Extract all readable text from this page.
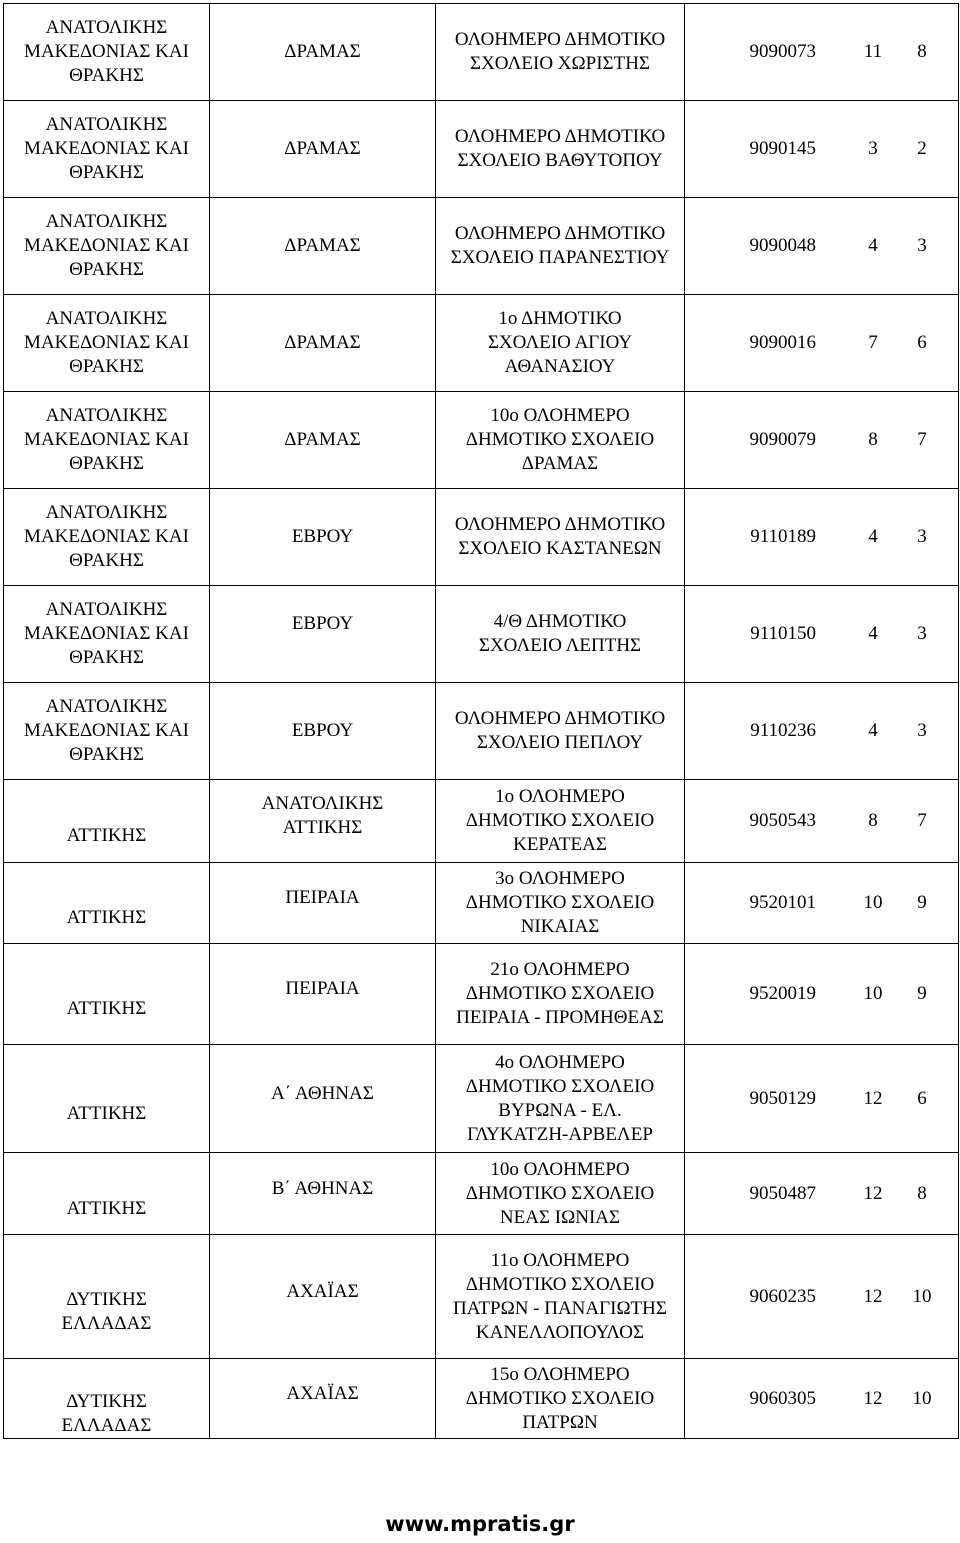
ΑΝΑΤΟΛΙΚΗΣ ΜΑΚΕΔΟΝΙΑΣ ΚΑΙ ΘΡΑΚΗΣ	ΔΡΑΜΑΣ	ΟΛΟΗΜΕΡΟ ΔΗΜΟΤΙΚΟ ΣΧΟΛΕΙΟ ΧΩΡΙΣΤΗΣ	9090073 11 8

ΑΝΑΤΟΛΙΚΗΣ ΜΑΚΕΔΟΝΙΑΣ ΚΑΙ ΘΡΑΚΗΣ	ΔΡΑΜΑΣ	ΟΛΟΗΜΕΡΟ ΔΗΜΟΤΙΚΟ ΣΧΟΛΕΙΟ ΒΑΘΥΤΟΠΟΥ	9090145 3 2

ΑΝΑΤΟΛΙΚΗΣ ΜΑΚΕΔΟΝΙΑΣ ΚΑΙ ΘΡΑΚΗΣ	ΔΡΑΜΑΣ	ΟΛΟΗΜΕΡΟ ΔΗΜΟΤΙΚΟ ΣΧΟΛΕΙΟ ΠΑΡΑΝΕΣΤΙΟΥ	9090048 4 3

ΑΝΑΤΟΛΙΚΗΣ ΜΑΚΕΔΟΝΙΑΣ ΚΑΙ ΘΡΑΚΗΣ	ΔΡΑΜΑΣ	1ο ΔΗΜΟΤΙΚΟ ΣΧΟΛΕΙΟ ΑΓΙΟΥ ΑΘΑΝΑΣΙΟΥ	9090016 7 6

ΑΝΑΤΟΛΙΚΗΣ ΜΑΚΕΔΟΝΙΑΣ ΚΑΙ ΘΡΑΚΗΣ	ΔΡΑΜΑΣ	10ο ΟΛΟΗΜΕΡΟ ΔΗΜΟΤΙΚΟ ΣΧΟΛΕΙΟ ΔΡΑΜΑΣ	9090079 8 7

ΑΝΑΤΟΛΙΚΗΣ ΜΑΚΕΔΟΝΙΑΣ ΚΑΙ ΘΡΑΚΗΣ	ΕΒΡΟΥ	ΟΛΟΗΜΕΡΟ ΔΗΜΟΤΙΚΟ ΣΧΟΛΕΙΟ ΚΑΣΤΑΝΕΩΝ	9110189 4 3

ΑΝΑΤΟΛΙΚΗΣ ΜΑΚΕΔΟΝΙΑΣ ΚΑΙ ΘΡΑΚΗΣ	ΕΒΡΟΥ	4/Θ ΔΗΜΟΤΙΚΟ ΣΧΟΛΕΙΟ ΛΕΠΤΗΣ	9110150 4 3

ΑΝΑΤΟΛΙΚΗΣ ΜΑΚΕΔΟΝΙΑΣ ΚΑΙ ΘΡΑΚΗΣ	ΕΒΡΟΥ	ΟΛΟΗΜΕΡΟ ΔΗΜΟΤΙΚΟ ΣΧΟΛΕΙΟ ΠΕΠΛΟΥ	9110236 4 3

ΑΤΤΙΚΗΣ	ΑΝΑΤΟΛΙΚΗΣ ΑΤΤΙΚΗΣ	1ο ΟΛΟΗΜΕΡΟ ΔΗΜΟΤΙΚΟ ΣΧΟΛΕΙΟ ΚΕΡΑΤΕΑΣ	9050543 8 7

ΑΤΤΙΚΗΣ	ΠΕΙΡΑΙΑ	3ο ΟΛΟΗΜΕΡΟ ΔΗΜΟΤΙΚΟ ΣΧΟΛΕΙΟ ΝΙΚΑΙΑΣ	9520101 10 9

ΑΤΤΙΚΗΣ	ΠΕΙΡΑΙΑ	21ο ΟΛΟΗΜΕΡΟ ΔΗΜΟΤΙΚΟ ΣΧΟΛΕΙΟ ΠΕΙΡΑΙΑ - ΠΡΟΜΗΘΕΑΣ	9520019 10 9

ΑΤΤΙΚΗΣ	Α΄ ΑΘΗΝΑΣ	4ο ΟΛΟΗΜΕΡΟ ΔΗΜΟΤΙΚΟ ΣΧΟΛΕΙΟ ΒΥΡΩΝΑ - ΕΛ. ΓΛΥΚΑΤΖΗ-ΑΡΒΕΛΕΡ	9050129 12 6

ΑΤΤΙΚΗΣ	Β΄ ΑΘΗΝΑΣ	10ο ΟΛΟΗΜΕΡΟ ΔΗΜΟΤΙΚΟ ΣΧΟΛΕΙΟ ΝΕΑΣ ΙΩΝΙΑΣ	9050487 12 8

ΔΥΤΙΚΗΣ ΕΛΛΑΔΑΣ	ΑΧΑΪΑΣ	11ο ΟΛΟΗΜΕΡΟ ΔΗΜΟΤΙΚΟ ΣΧΟΛΕΙΟ ΠΑΤΡΩΝ - ΠΑΝΑΓΙΩΤΗΣ ΚΑΝΕΛΛΟΠΟΥΛΟΣ	9060235 12 10

ΔΥΤΙΚΗΣ ΕΛΛΑΔΑΣ	ΑΧΑΪΑΣ	15ο ΟΛΟΗΜΕΡΟ ΔΗΜΟΤΙΚΟ ΣΧΟΛΕΙΟ ΠΑΤΡΩΝ	9060305 12 10
www.mpratis.gr
